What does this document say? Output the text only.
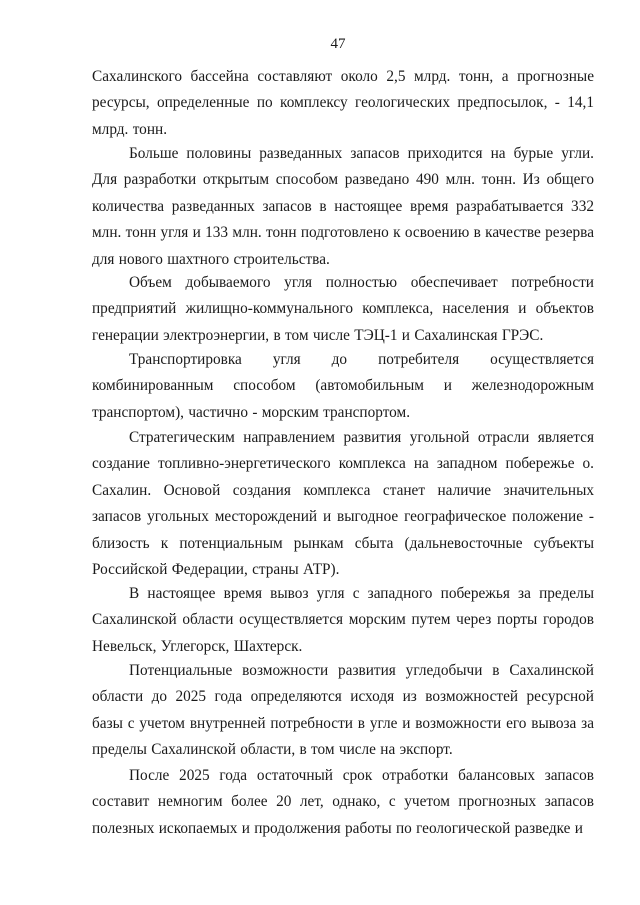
47
Сахалинского бассейна составляют около 2,5 млрд. тонн, а прогнозные ресурсы, определенные по комплексу геологических предпосылок, - 14,1 млрд. тонн.
Больше половины разведанных запасов приходится на бурые угли. Для разработки открытым способом разведано 490 млн. тонн. Из общего количества разведанных запасов в настоящее время разрабатывается 332 млн. тонн угля и 133 млн. тонн подготовлено к освоению в качестве резерва для нового шахтного строительства.
Объем добываемого угля полностью обеспечивает потребности предприятий жилищно-коммунального комплекса, населения и объектов генерации электроэнергии, в том числе ТЭЦ-1 и Сахалинская ГРЭС.
Транспортировка угля до потребителя осуществляется комбинированным способом (автомобильным и железнодорожным транспортом), частично - морским транспортом.
Стратегическим направлением развития угольной отрасли является создание топливно-энергетического комплекса на западном побережье о. Сахалин. Основой создания комплекса станет наличие значительных запасов угольных месторождений и выгодное географическое положение - близость к потенциальным рынкам сбыта (дальневосточные субъекты Российской Федерации, страны АТР).
В настоящее время вывоз угля с западного побережья за пределы Сахалинской области осуществляется морским путем через порты городов Невельск, Углегорск, Шахтерск.
Потенциальные возможности развития угледобычи в Сахалинской области до 2025 года определяются исходя из возможностей ресурсной базы с учетом внутренней потребности в угле и возможности его вывоза за пределы Сахалинской области, в том числе на экспорт.
После 2025 года остаточный срок отработки балансовых запасов составит немногим более 20 лет, однако, с учетом прогнозных запасов полезных ископаемых и продолжения работы по геологической разведке и
